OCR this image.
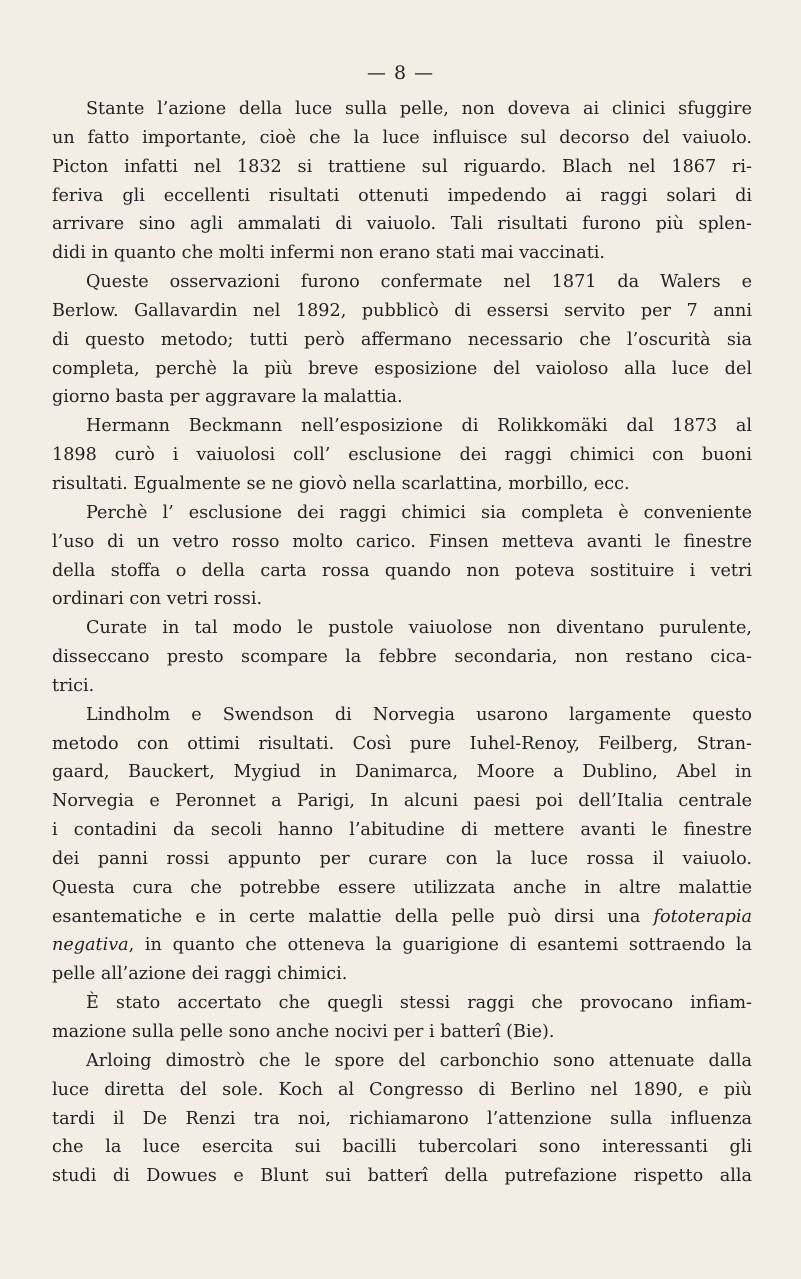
— 8 —
Stante l’azione della luce sulla pelle, non doveva ai clinici sfuggire
un fatto importante, cioè che la luce influisce sul decorso del vaiuolo.
Picton infatti nel 1832 si trattiene sul riguardo. Blach nel 1867 ri-
feriva gli eccellenti risultati ottenuti impedendo ai raggi solari di
arrivare sino agli ammalati di vaiuolo. Tali risultati furono più splen-
didi in quanto che molti infermi non erano stati mai vaccinati.
Queste osservazioni furono confermate nel 1871 da Walers e
Berlow. Gallavardin nel 1892, pubblicò di essersi servito per 7 anni
di questo metodo; tutti però affermano necessario che l’oscurità sia
completa, perchè la più breve esposizione del vaioloso alla luce del
giorno basta per aggravare la malattia.
Hermann Beckmann nell’esposizione di Rolikkomäki dal 1873 al
1898 curò i vaiuolosi coll’ esclusione dei raggi chimici con buoni
risultati. Egualmente se ne giovò nella scarlattina, morbillo, ecc.
Perchè l’ esclusione dei raggi chimici sia completa è conveniente
l’uso di un vetro rosso molto carico. Finsen metteva avanti le finestre
della stoffa o della carta rossa quando non poteva sostituire i vetri
ordinari con vetri rossi.
Curate in tal modo le pustole vaiuolose non diventano purulente,
disseccano presto scompare la febbre secondaria, non restano cica-
trici.
Lindholm e Swendson di Norvegia usarono largamente questo
metodo con ottimi risultati. Così pure Iuhel-Renoy, Feilberg, Stran-
gaard, Bauckert, Mygiud in Danimarca, Moore a Dublino, Abel in
Norvegia e Peronnet a Parigi, In alcuni paesi poi dell’Italia centrale
i contadini da secoli hanno l’abitudine di mettere avanti le finestre
dei panni rossi appunto per curare con la luce rossa il vaiuolo.
Questa cura che potrebbe essere utilizzata anche in altre malattie
esantematiche e in certe malattie della pelle può dirsi una fototerapia
negativa, in quanto che otteneva la guarigione di esantemi sottraendo la
pelle all’azione dei raggi chimici.
È stato accertato che quegli stessi raggi che provocano infiam-
mazione sulla pelle sono anche nocivi per i batterî (Bie).
Arloing dimostrò che le spore del carbonchio sono attenuate dalla
luce diretta del sole. Koch al Congresso di Berlino nel 1890, e più
tardi il De Renzi tra noi, richiamarono l’attenzione sulla influenza
che la luce esercita sui bacilli tubercolari sono interessanti gli
studi di Dowues e Blunt sui batterî della putrefazione rispetto alla
